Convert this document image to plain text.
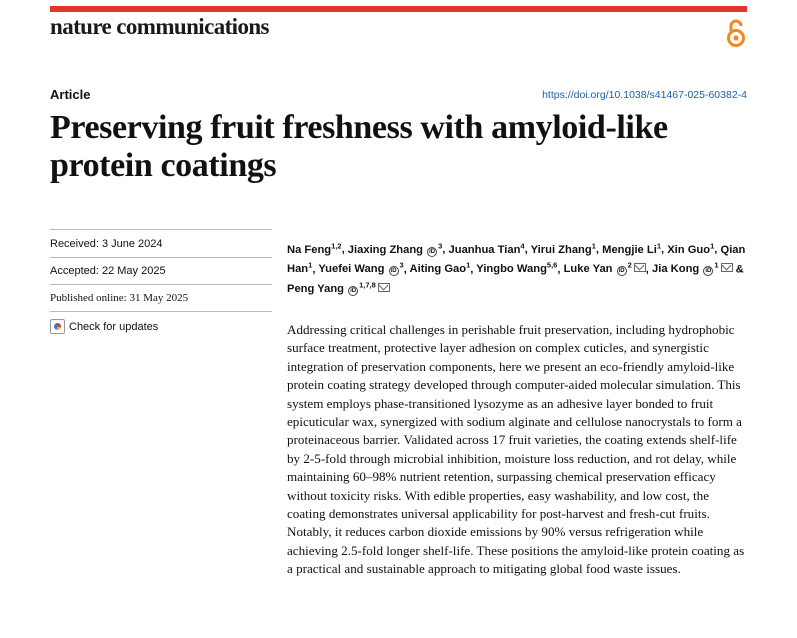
nature communications
Article	https://doi.org/10.1038/s41467-025-60382-4
Preserving fruit freshness with amyloid-like protein coatings
Received: 3 June 2024
Accepted: 22 May 2025
Published online: 31 May 2025
Check for updates
Na Feng$^{1,2}$, Jiaxing Zhang $iD^3$, Juanhua Tian$^4$, Yirui Zhang$^1$, Mengjie Li$^1$, Xin Guo$^1$, Qian Han$^1$, Yuefei Wang $iD^3$, Aiting Gao$^1$, Yingbo Wang$^{5,6}$, Luke Yan $iD^2$ , Jia Kong $iD^1$ & Peng Yang iD$^{1,7,8}$

Addressing critical challenges in perishable fruit preservation, including hydrophobic surface treatment, protective layer adhesion on complex cuticles, and synergistic integration of preservation components, here we present an eco-friendly amyloid-like protein coating strategy developed through computer-aided molecular simulation. This system employs phase-transitioned lysozyme as an adhesive layer bonded to fruit epicuticular wax, synergized with sodium alginate and cellulose nanocrystals to form a proteinaceous barrier. Validated across 17 fruit varieties, the coating extends shelf-life by 2-5-fold through microbial inhibition, moisture loss reduction, and rot delay, while maintaining 60–98% nutrient retention, surpassing chemical preservation efficacy without toxicity risks. With edible properties, easy washability, and low cost, the coating demonstrates universal applicability for post-harvest and fresh-cut fruits. Notably, it reduces carbon dioxide emissions by 90% versus refrigeration while achieving 2.5-fold longer shelf-life. These positions the amyloid-like protein coating as a practical and sustainable approach to mitigating global food waste issues.
